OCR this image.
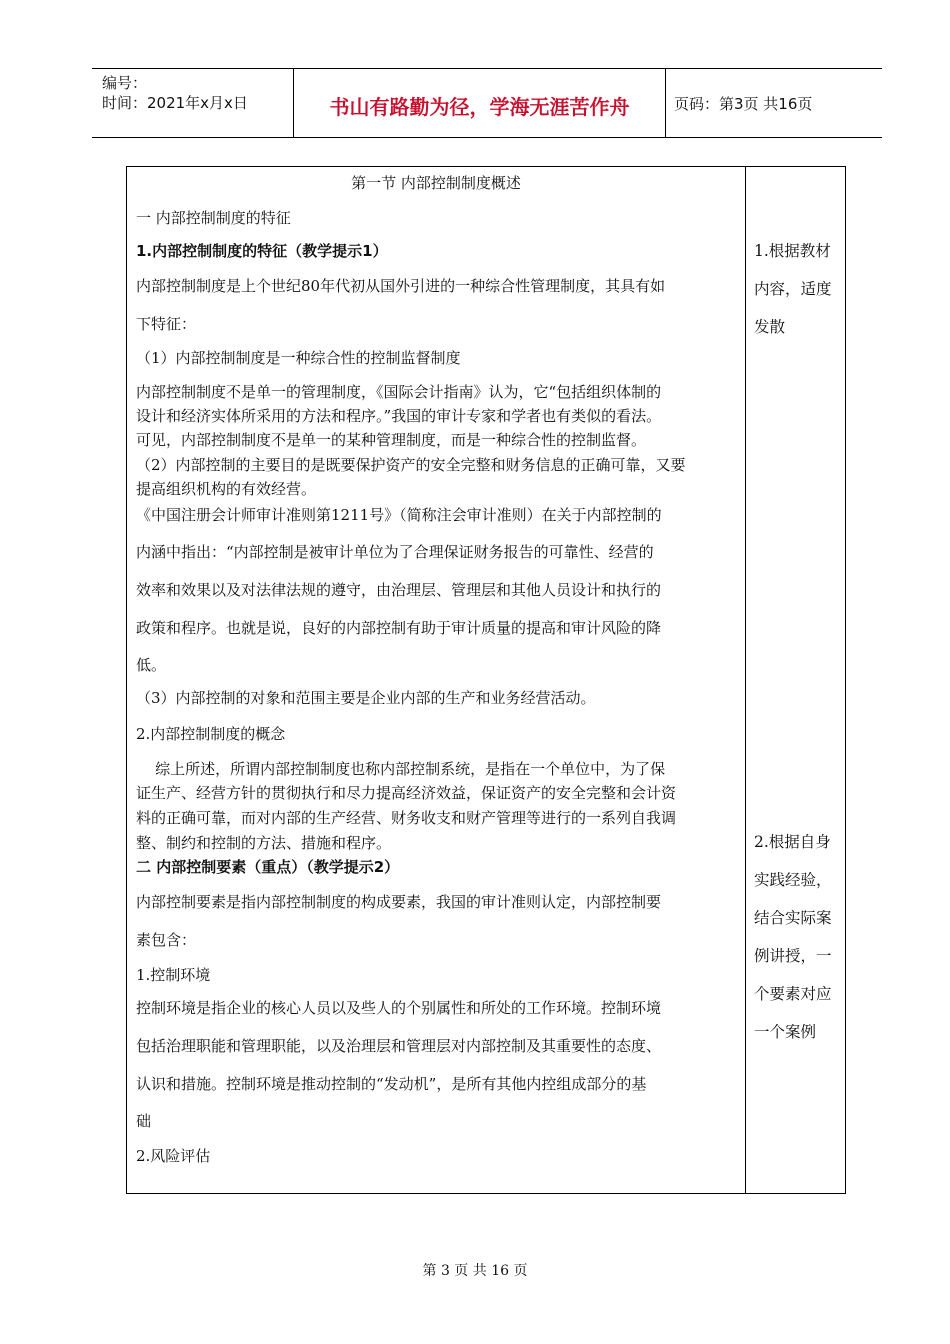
编号：
时间：2021年x月x日	书山有路勤为径，学海无涯苦作舟	页码：第3页 共16页
第一节 内部控制制度概述
一 内部控制制度的特征
1.内部控制制度的特征（教学提示1）
内部控制制度是上个世纪80年代初从国外引进的一种综合性管理制度，其具有如
下特征：
（1）内部控制制度是一种综合性的控制监督制度
内部控制制度不是单一的管理制度，《国际会计指南》认为，它“包括组织体制的
设计和经济实体所采用的方法和程序。”我国的审计专家和学者也有类似的看法。
可见，内部控制制度不是单一的某种管理制度，而是一种综合性的控制监督。
（2）内部控制的主要目的是既要保护资产的安全完整和财务信息的正确可靠，又要
提高组织机构的有效经营。
《中国注册会计师审计准则第1211号》（简称注会审计准则）在关于内部控制的
内涵中指出：“内部控制是被审计单位为了合理保证财务报告的可靠性、经营的
效率和效果以及对法律法规的遵守，由治理层、管理层和其他人员设计和执行的
政策和程序。也就是说，良好的内部控制有助于审计质量的提高和审计风险的降
低。
（3）内部控制的对象和范围主要是企业内部的生产和业务经营活动。
2.内部控制制度的概念
综上所述，所谓内部控制制度也称内部控制系统，是指在一个单位中，为了保
证生产、经营方针的贯彻执行和尽力提高经济效益，保证资产的安全完整和会计资
料的正确可靠，而对内部的生产经营、财务收支和财产管理等进行的一系列自我调
整、制约和控制的方法、措施和程序。
二 内部控制要素（重点）（教学提示2）
内部控制要素是指内部控制制度的构成要素，我国的审计准则认定，内部控制要
素包含：
1.控制环境
控制环境是指企业的核心人员以及些人的个别属性和所处的工作环境。控制环境
包括治理职能和管理职能，以及治理层和管理层对内部控制及其重要性的态度、
认识和措施。控制环境是推动控制的“发动机”，是所有其他内控组成部分的基
础
2.风险评估
1.根据教材
内容，适度
发散
2.根据自身
实践经验，
结合实际案
例讲授，一
个要素对应
一个案例
第 3 页 共 16 页
